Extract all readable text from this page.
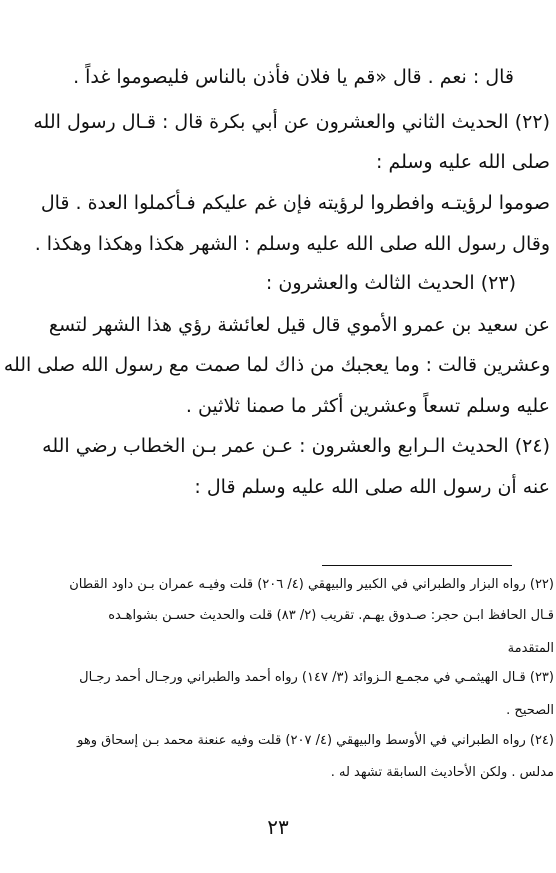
قال : نعم . قال «قم يا فلان فأذن بالناس فليصوموا غداً .
(٢٢) الحديث الثاني والعشرون عن أبي بكرة قال : قـال رسول الله
صلى الله عليه وسلم :
صوموا لرؤيتـه وافطروا لرؤيته فإن غم عليكم فـأكملوا العدة . قال
وقال رسول الله صلى الله عليه وسلم : الشهر هكذا وهكذا وهكذا .
(٢٣) الحديث الثالث والعشرون :
عن سعيد بن عمرو الأموي قال قيل لعائشة رؤي هذا الشهر لتسع
وعشرين قالت : وما يعجبك من ذاك لما صمت مع رسول الله صلى الله
عليه وسلم تسعاً وعشرين أكثر ما صمنا ثلاثين .
(٢٤) الحديث الـرابع والعشرون : عـن عمر بـن الخطاب رضي الله
عنه أن رسول الله صلى الله عليه وسلم قال :
(٢٢) رواه البزار والطبراني في الكبير والبيهقي (٤/ ٢٠٦) قلت وفيـه عمران بـن داود القطان
قـال الحافظ ابـن حجر: صـدوق يهـم. تقريب (٢/ ٨٣) قلت والحديث حسـن بشواهـده
المتقدمة
(٢٣) قـال الهيثمـي في مجمـع الـزوائد (٣/ ١٤٧) رواه أحمد والطبراني ورجـال أحمد رجـال
الصحيح .
(٢٤) رواه الطبراني في الأوسط والبيهقي (٤/ ٢٠٧) قلت وفيه عنعنة محمد بـن إسحاق وهو
مدلس . ولكن الأحاديث السابقة تشهد له .
٢٣
